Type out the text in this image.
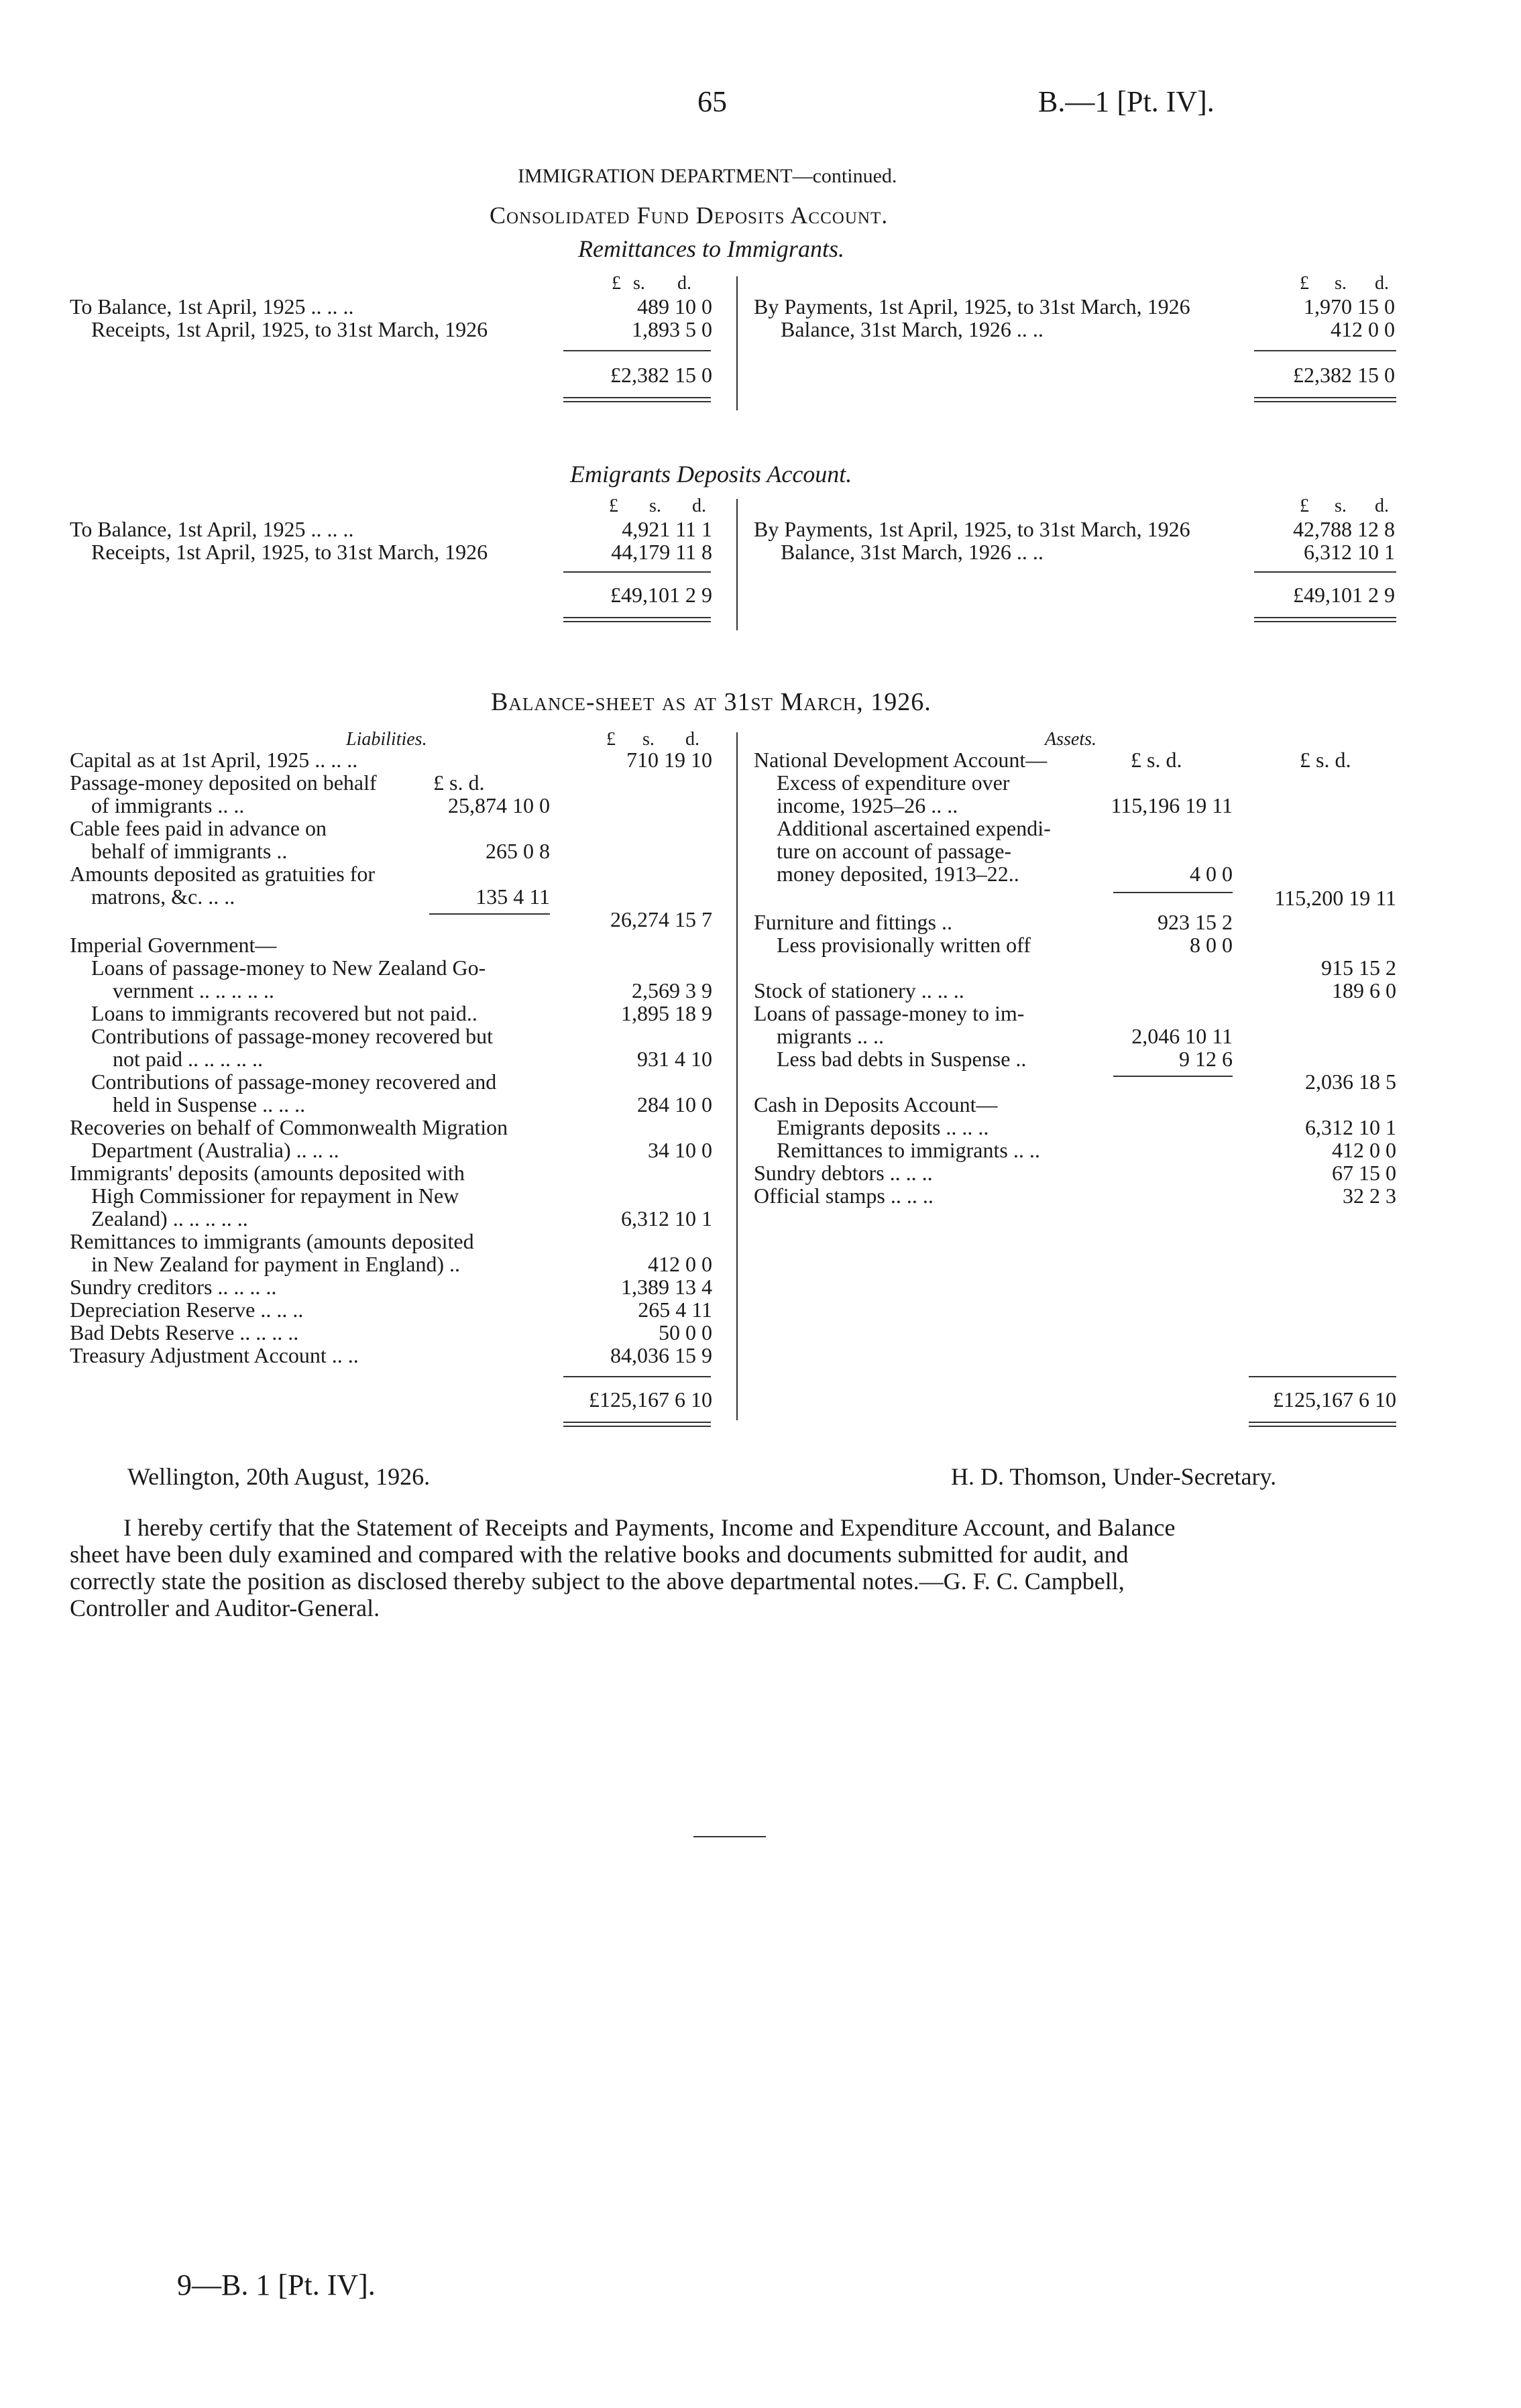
65	B.—1 [Pt. IV].
IMMIGRATION DEPARTMENT—continued.
Consolidated Fund Deposits Account.
Remittances to Immigrants.
£ s. d.	£ s. d.
To Balance, 1st April, 1925 .. .. ..	489 10 0
Receipts, 1st April, 1925, to 31st March, 1926	1,893 5 0
By Payments, 1st April, 1925, to 31st March, 1926	1,970 15 0
Balance, 31st March, 1926 .. ..	412 0 0
£2,382 15 0	£2,382 15 0
Emigrants Deposits Account.
£ s. d.	£ s. d.
To Balance, 1st April, 1925 .. .. ..	4,921 11 1
Receipts, 1st April, 1925, to 31st March, 1926	44,179 11 8
By Payments, 1st April, 1925, to 31st March, 1926	42,788 12 8
Balance, 31st March, 1926 .. ..	6,312 10 1
£49,101 2 9	£49,101 2 9
Balance-sheet as at 31st March, 1926.
Liabilities.	Assets.
£ s. d.
Capital as at 1st April, 1925 .. .. ..	710 19 10
Passage-money deposited on behalf	£ s. d.
of immigrants .. ..	25,874 10 0
Cable fees paid in advance on
behalf of immigrants ..	265 0 8
Amounts deposited as gratuities for
matrons, &c. .. ..	135 4 11
26,274 15 7
Imperial Government—
Loans of passage-money to New Zealand Go-
vernment .. .. .. .. ..	2,569 3 9
Loans to immigrants recovered but not paid..	1,895 18 9
Contributions of passage-money recovered but
not paid .. .. .. .. ..	931 4 10
Contributions of passage-money recovered and
held in Suspense .. .. ..	284 10 0
Recoveries on behalf of Commonwealth Migration
Department (Australia) .. .. ..	34 10 0
Immigrants' deposits (amounts deposited with
High Commissioner for repayment in New
Zealand) .. .. .. .. ..	6,312 10 1
Remittances to immigrants (amounts deposited
in New Zealand for payment in England) ..	412 0 0
Sundry creditors .. .. .. ..	1,389 13 4
Depreciation Reserve .. .. ..	265 4 11
Bad Debts Reserve .. .. .. ..	50 0 0
Treasury Adjustment Account .. ..	84,036 15 9
£125,167 6 10
National Development Account—	£ s. d.	£ s. d.
Excess of expenditure over
income, 1925–26 .. ..	115,196 19 11
Additional ascertained expendi-
ture on account of passage-
money deposited, 1913–22..	4 0 0
115,200 19 11
Furniture and fittings ..	923 15 2
Less provisionally written off	8 0 0
915 15 2
Stock of stationery .. .. ..	189 6 0
Loans of passage-money to im-
migrants .. ..	2,046 10 11
Less bad debts in Suspense ..	9 12 6
2,036 18 5
Cash in Deposits Account—
Emigrants deposits .. .. ..	6,312 10 1
Remittances to immigrants .. ..	412 0 0
Sundry debtors .. .. ..	67 15 0
Official stamps .. .. ..	32 2 3
£125,167 6 10
Wellington, 20th August, 1926.	H. D. Thomson, Under-Secretary.
I hereby certify that the Statement of Receipts and Payments, Income and Expenditure Account, and Balance
sheet have been duly examined and compared with the relative books and documents submitted for audit, and
correctly state the position as disclosed thereby subject to the above departmental notes.—G. F. C. Campbell,
Controller and Auditor-General.
9—B. 1 [Pt. IV].
